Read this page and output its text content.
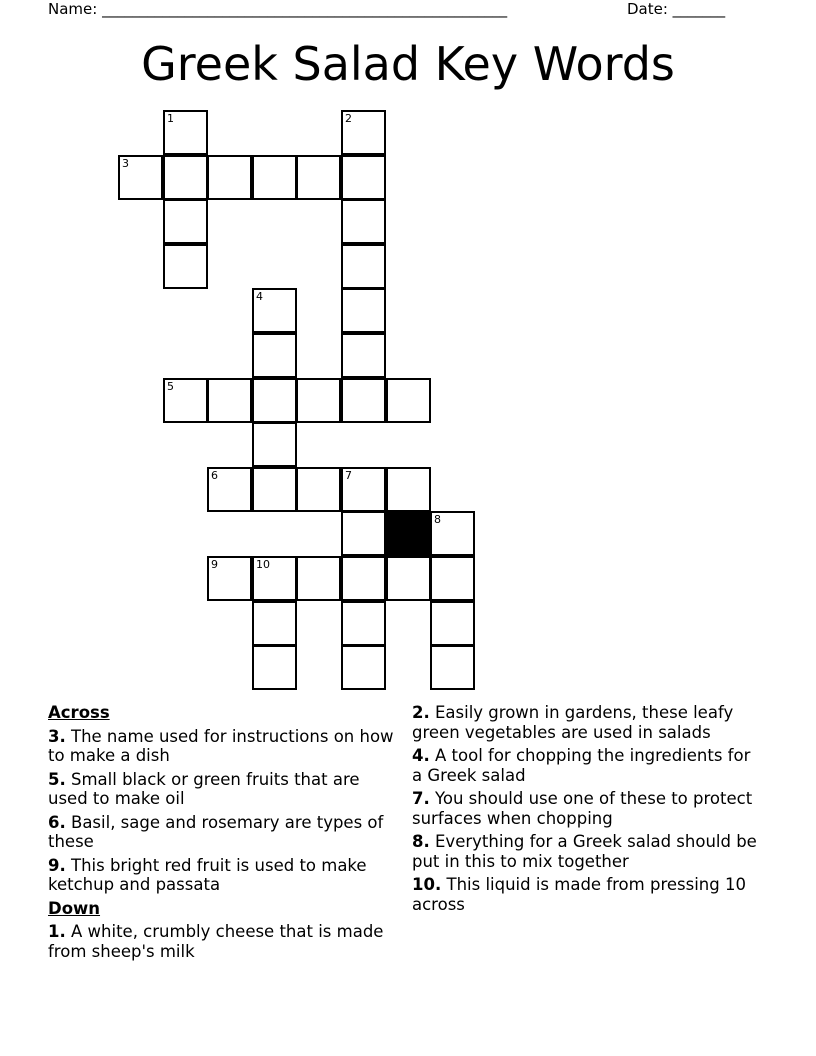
Name: ______________________________________________________	Date: _______
Greek Salad Key Words
1	2
3
4
5
6	7
8
9	10
Across

3. The name used for instructions on how to make a dish

5. Small black or green fruits that are used to make oil

6. Basil, sage and rosemary are types of these

9. This bright red fruit is used to make ketchup and passata

Down

1. A white, crumbly cheese that is made from sheep's milk

2. Easily grown in gardens, these leafy green vegetables are used in salads

4. A tool for chopping the ingredients for a Greek salad

7. You should use one of these to protect surfaces when chopping

8. Everything for a Greek salad should be put in this to mix together

10. This liquid is made from pressing 10 across
